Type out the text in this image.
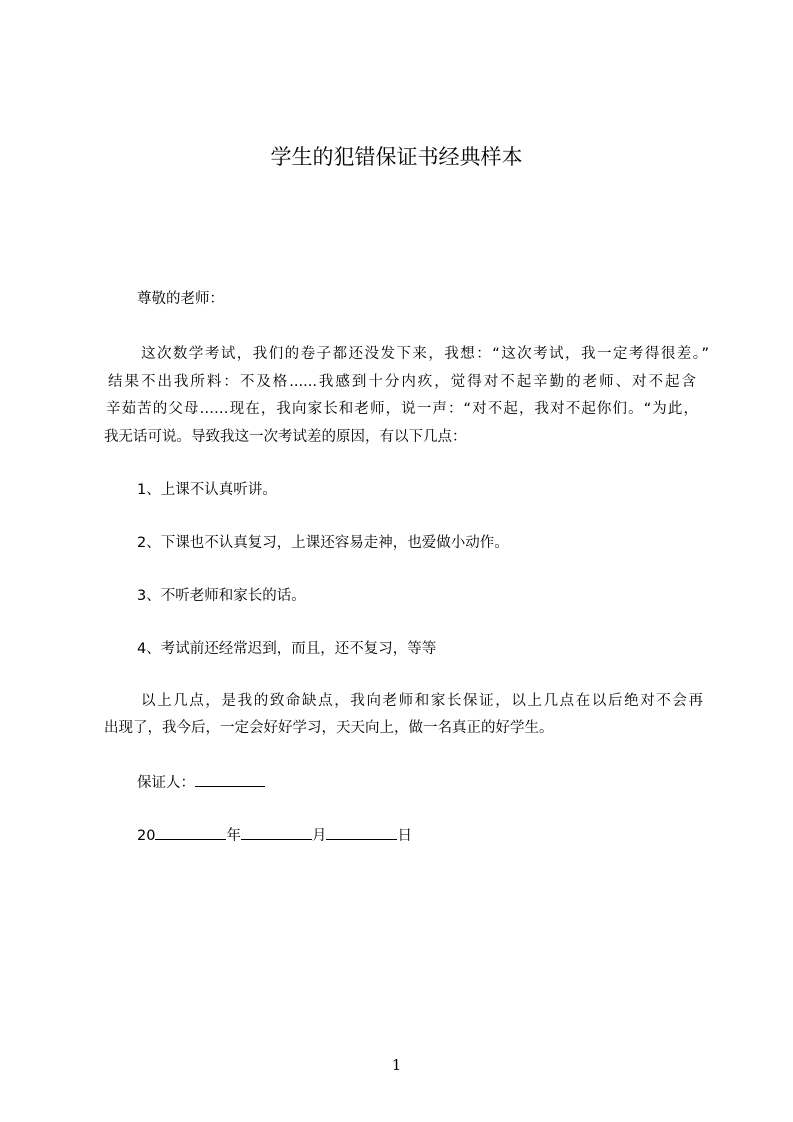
学生的犯错保证书经典样本
尊敬的老师：
这次数学考试，我们的卷子都还没发下来，我想：“这次考试，我一定考得很差。”
结果不出我所料：不及格......我感到十分内疚，觉得对不起辛勤的老师、对不起含
辛茹苦的父母……现在，我向家长和老师，说一声：“对不起，我对不起你们。“为此，
我无话可说。导致我这一次考试差的原因，有以下几点：
1、上课不认真听讲。
2、下课也不认真复习，上课还容易走神，也爱做小动作。
3、不听老师和家长的话。
4、考试前还经常迟到，而且，还不复习，等等
以上几点，是我的致命缺点，我向老师和家长保证，以上几点在以后绝对不会再
出现了，我今后，一定会好好学习，天天向上，做一名真正的好学生。
保证人：
20	年	月	日
1
